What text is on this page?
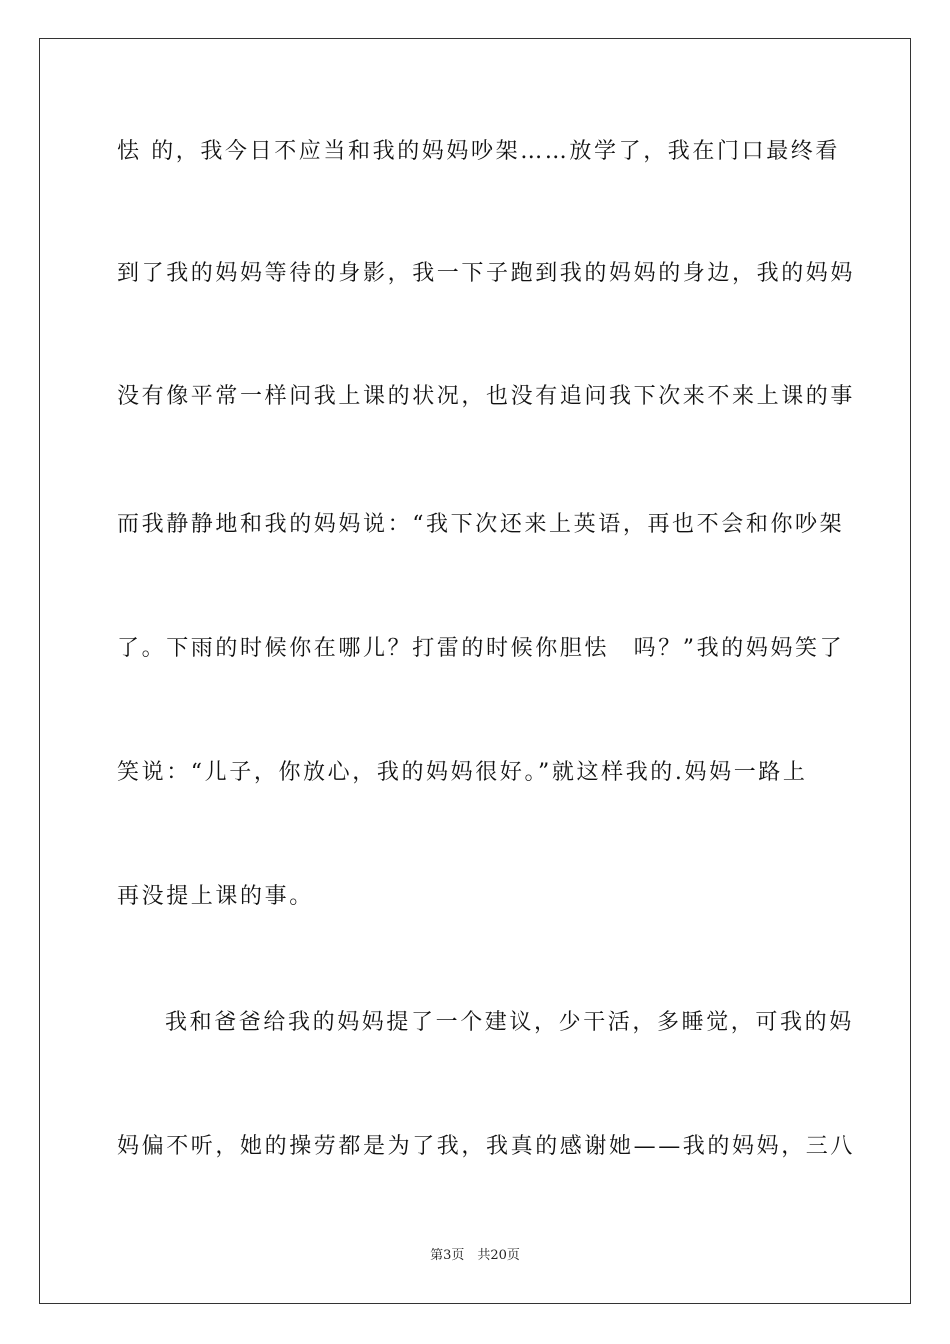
怯 的，我今日不应当和我的妈妈吵架……放学了，我在门口最终看
到了我的妈妈等待的身影，我一下子跑到我的妈妈的身边，我的妈妈
没有像平常一样问我上课的状况，也没有追问我下次来不来上课的事
而我静静地和我的妈妈说：“我下次还来上英语，再也不会和你吵架
了。下雨的时候你在哪儿？打雷的时候你胆怯　吗？”我的妈妈笑了
笑说：“儿子，你放心，我的妈妈很好。”就这样我的.妈妈一路上
再没提上课的事。
我和爸爸给我的妈妈提了一个建议，少干活，多睡觉，可我的妈
妈偏不听，她的操劳都是为了我，我真的感谢她——我的妈妈，三八
第3页　共20页
